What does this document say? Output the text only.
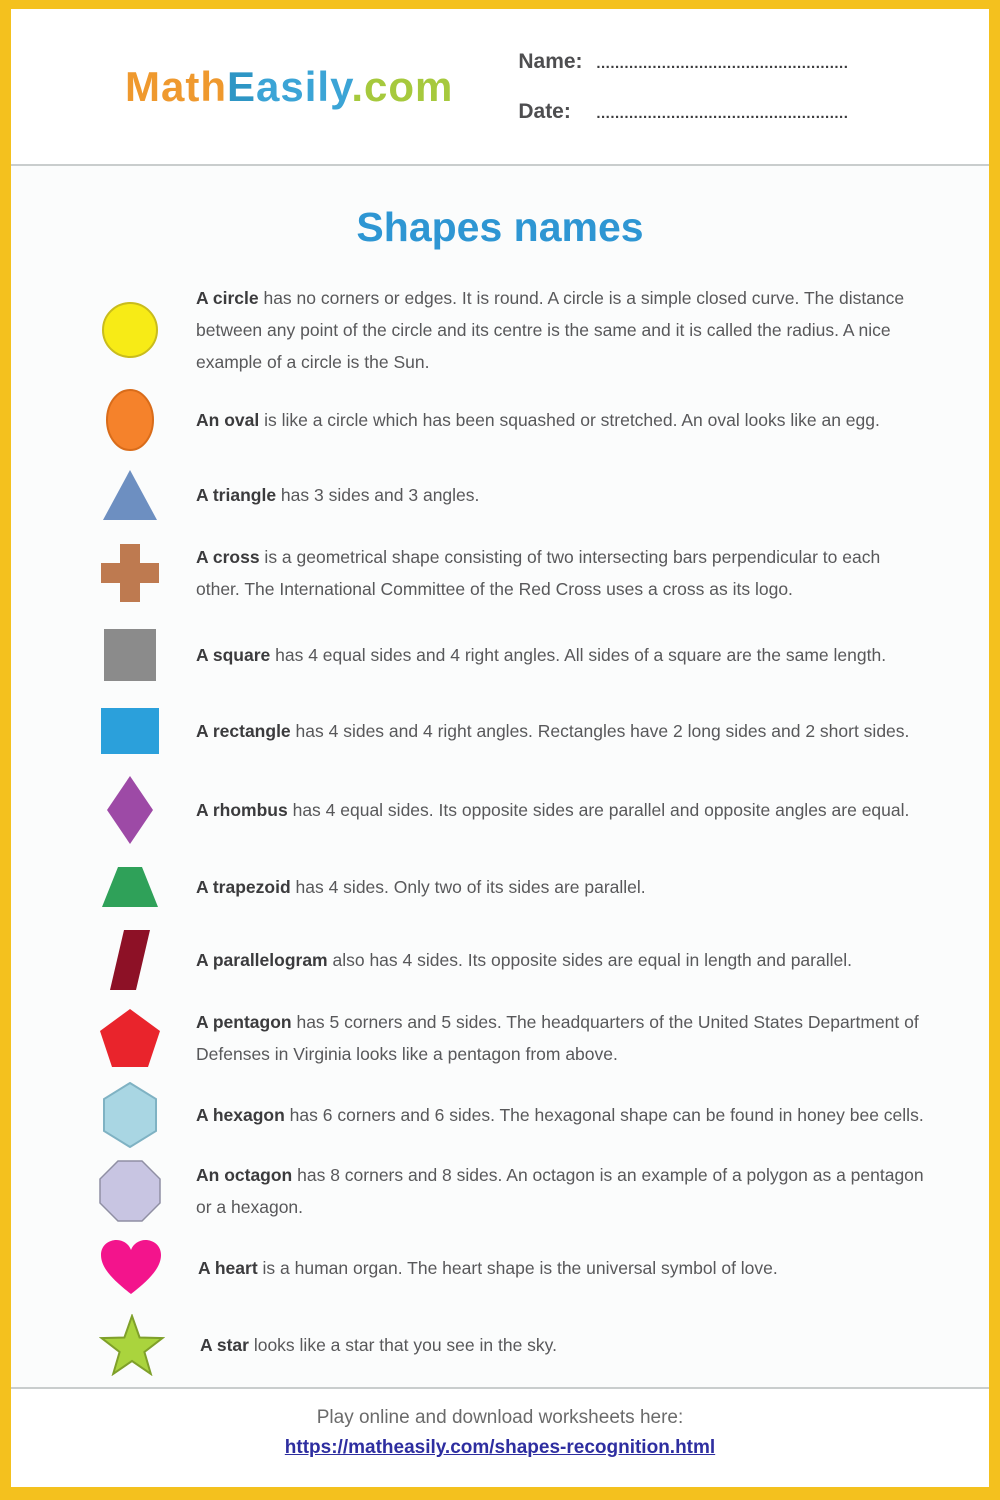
MathEasily.com
Name: ......................................................
Date:	......................................................
Shapes names
A circle has no corners or edges. It is round. A circle is a simple closed curve. The distance between any point of the circle and its centre is the same and it is called the radius. A nice example of a circle is the Sun.
An oval is like a circle which has been squashed or stretched. An oval looks like an egg.
A triangle has 3 sides and 3 angles.
A cross is a geometrical shape consisting of two intersecting bars perpendicular to each other. The International Committee of the Red Cross uses a cross as its logo.
A square has 4 equal sides and 4 right angles. All sides of a square are the same length.
A rectangle has 4 sides and 4 right angles. Rectangles have 2 long sides and 2 short sides.
A rhombus has 4 equal sides. Its opposite sides are parallel and opposite angles are equal.
A trapezoid has 4 sides. Only two of its sides are parallel.
A parallelogram also has 4 sides. Its opposite sides are equal in length and parallel.
A pentagon has 5 corners and 5 sides. The headquarters of the United States Department of Defenses in Virginia looks like a pentagon from above.
A hexagon has 6 corners and 6 sides. The hexagonal shape can be found in honey bee cells.
An octagon has 8 corners and 8 sides. An octagon is an example of a polygon as a pentagon or a hexagon.
A heart is a human organ. The heart shape is the universal symbol of love.
A star looks like a star that you see in the sky.
Play online and download worksheets here:
https://matheasily.com/shapes-recognition.html
